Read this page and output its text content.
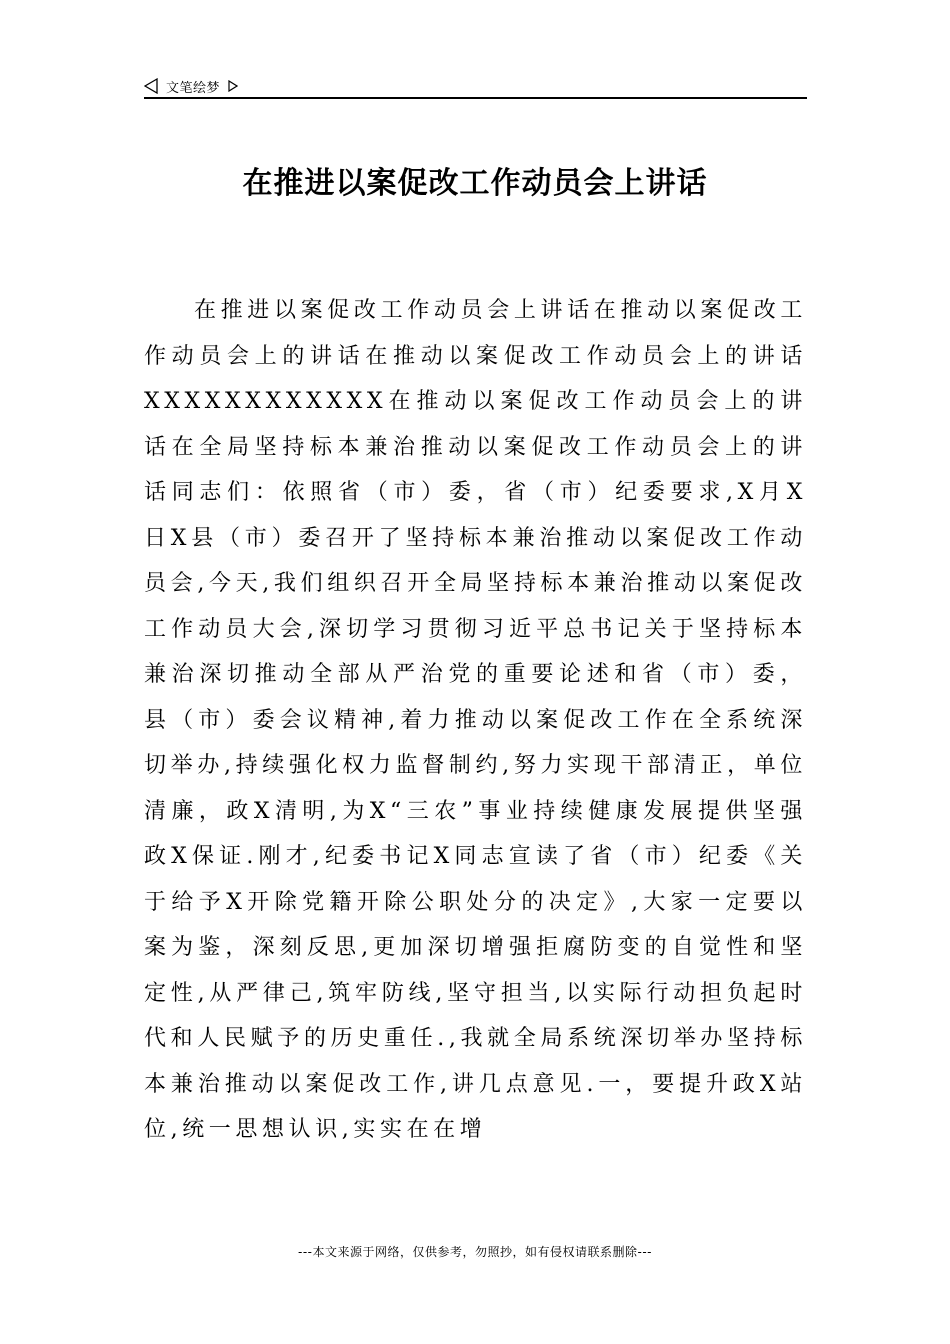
文笔绘梦
在推进以案促改工作动员会上讲话

在推进以案促改工作动员会上讲话在推动以案促改工作动员会上的讲话在推动以案促改工作动员会上的讲话XXXXXXXXXXXX在推动以案促改工作动员会上的讲话在全局坚持标本兼治推动以案促改工作动员会上的讲话同志们：依照省（市）委，省（市）纪委要求,X月X日X县（市）委召开了坚持标本兼治推动以案促改工作动员会,今天,我们组织召开全局坚持标本兼治推动以案促改工作动员大会,深切学习贯彻习近平总书记关于坚持标本兼治深切推动全部从严治党的重要论述和省（市）委，县（市）委会议精神,着力推动以案促改工作在全系统深切举办,持续强化权力监督制约,努力实现干部清正，单位清廉，政X清明,为X“三农”事业持续健康发展提供坚强政X保证.刚才,纪委书记X同志宣读了省（市）纪委《关于给予X开除党籍开除公职处分的决定》,大家一定要以案为鉴，深刻反思,更加深切增强拒腐防变的自觉性和坚定性,从严律己,筑牢防线,坚守担当,以实际行动担负起时代和人民赋予的历史重任.,我就全局系统深切举办坚持标本兼治推动以案促改工作,讲几点意见.一，要提升政X站位,统一思想认识,实实在在增

---本文来源于网络，仅供参考，勿照抄，如有侵权请联系删除---
